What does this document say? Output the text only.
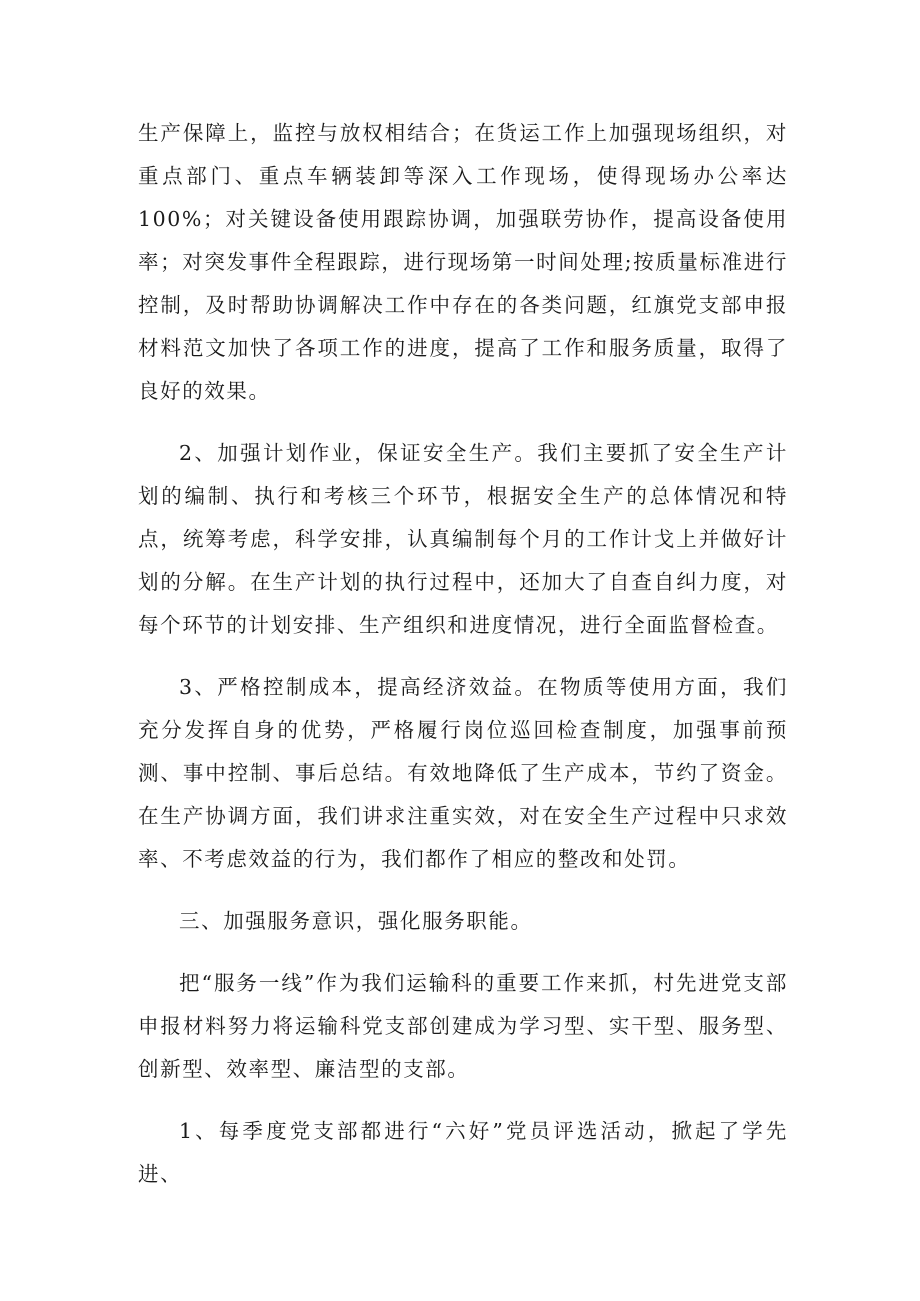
生产保障上，监控与放权相结合；在货运工作上加强现场组织，对重点部门、重点车辆装卸等深入工作现场，使得现场办公率达100%；对关键设备使用跟踪协调，加强联劳协作，提高设备使用率；对突发事件全程跟踪，进行现场第一时间处理;按质量标准进行控制，及时帮助协调解决工作中存在的各类问题，红旗党支部申报材料范文加快了各项工作的进度，提高了工作和服务质量，取得了良好的效果。

2、加强计划作业，保证安全生产。我们主要抓了安全生产计划的编制、执行和考核三个环节，根据安全生产的总体情况和特点，统筹考虑，科学安排，认真编制每个月的工作计戈上并做好计划的分解。在生产计划的执行过程中，还加大了自查自纠力度，对每个环节的计划安排、生产组织和进度情况，进行全面监督检查。

3、严格控制成本，提高经济效益。在物质等使用方面，我们充分发挥自身的优势，严格履行岗位巡回检查制度，加强事前预测、事中控制、事后总结。有效地降低了生产成本，节约了资金。在生产协调方面，我们讲求注重实效，对在安全生产过程中只求效率、不考虑效益的行为，我们都作了相应的整改和处罚。

三、加强服务意识，强化服务职能。

把“服务一线”作为我们运输科的重要工作来抓，村先进党支部申报材料努力将运输科党支部创建成为学习型、实干型、服务型、创新型、效率型、廉洁型的支部。

1、每季度党支部都进行“六好”党员评选活动，掀起了学先进、
